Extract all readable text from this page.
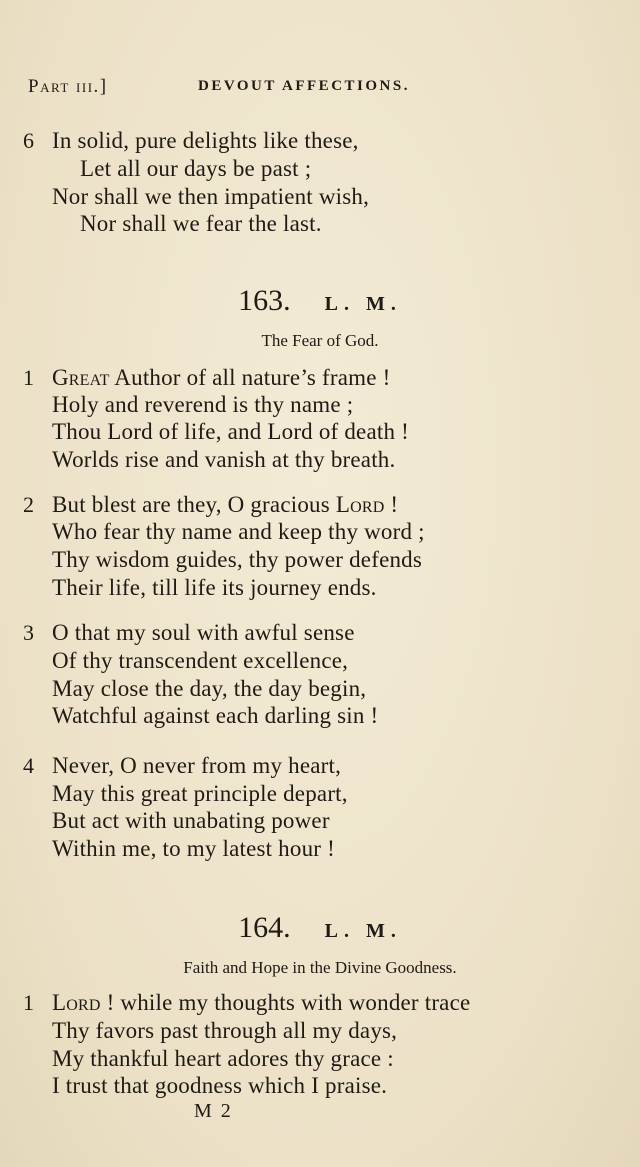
Part iii.]	DEVOUT AFFECTIONS.
6 In solid, pure delights like these,
Let all our days be past ;
Nor shall we then impatient wish,
Nor shall we fear the last.
163. L. M.
The Fear of God.
1 Great Author of all nature’s frame !
Holy and reverend is thy name ;
Thou Lord of life, and Lord of death !
Worlds rise and vanish at thy breath.
2 But blest are they, O gracious Lord !
Who fear thy name and keep thy word ;
Thy wisdom guides, thy power defends
Their life, till life its journey ends.
3 O that my soul with awful sense
Of thy transcendent excellence,
May close the day, the day begin,
Watchful against each darling sin !
4 Never, O never from my heart,
May this great principle depart,
But act with unabating power
Within me, to my latest hour !
164. L. M.
Faith and Hope in the Divine Goodness.
1 Lord ! while my thoughts with wonder trace
Thy favors past through all my days,
My thankful heart adores thy grace :
I trust that goodness which I praise.
M 2
